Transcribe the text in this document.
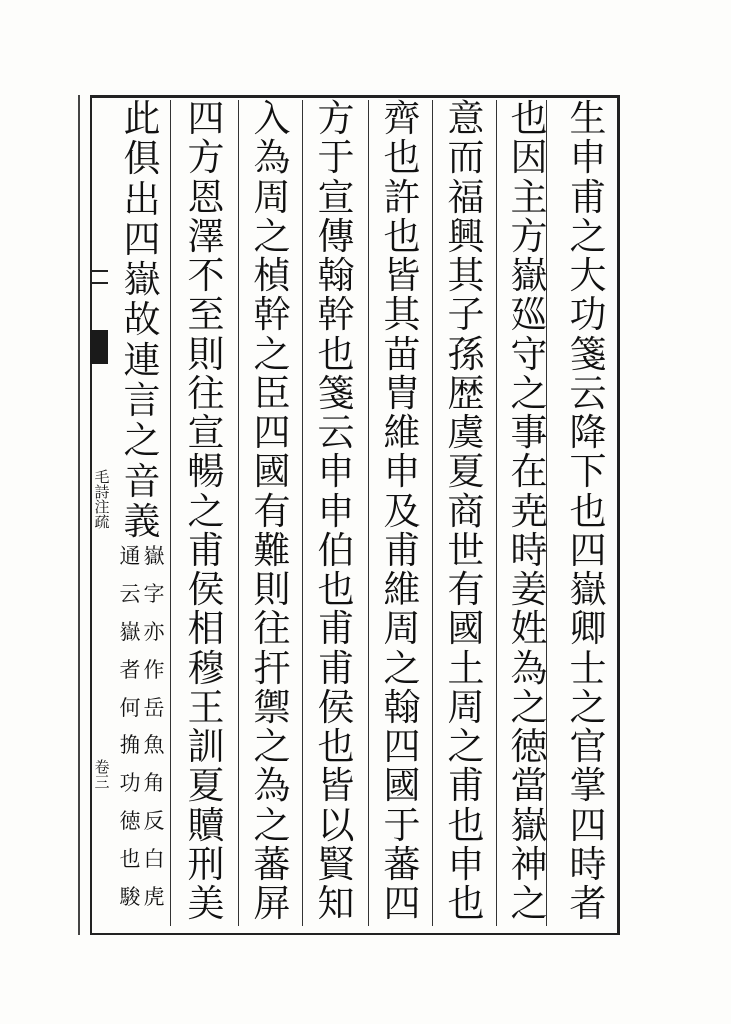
毛
詩
注
疏
卷
三
生
申
甫
之
大
功
箋
云
降
下
也
四
嶽
卿
士
之
官
掌
四
時
者
也
因
主
方
嶽
廵
守
之
事
在
尭
時
姜
姓
為
之
徳
當
嶽
神
之
意
而
福
興
其
子
孫
歴
虞
夏
商
世
有
國
土
周
之
甫
也
申
也
齊
也
許
也
皆
其
苗
胄
維
申
及
甫
維
周
之
翰
四
國
于
蕃
四
方
于
宣
傳
翰
幹
也
箋
云
申
申
伯
也
甫
甫
侯
也
皆
以
賢
知
入
為
周
之
楨
幹
之
臣
四
國
有
難
則
往
扞
禦
之
為
之
蕃
屏
四
方
恩
澤
不
至
則
往
宣
暢
之
甫
侯
相
穆
王
訓
夏
贖
刑
美
此
俱
出
四
嶽
故
連
言
之
音
義
嶽
字
亦
作
岳
魚
角
反
白
虎
通
云
嶽
者
何
捔
功
徳
也
駿
